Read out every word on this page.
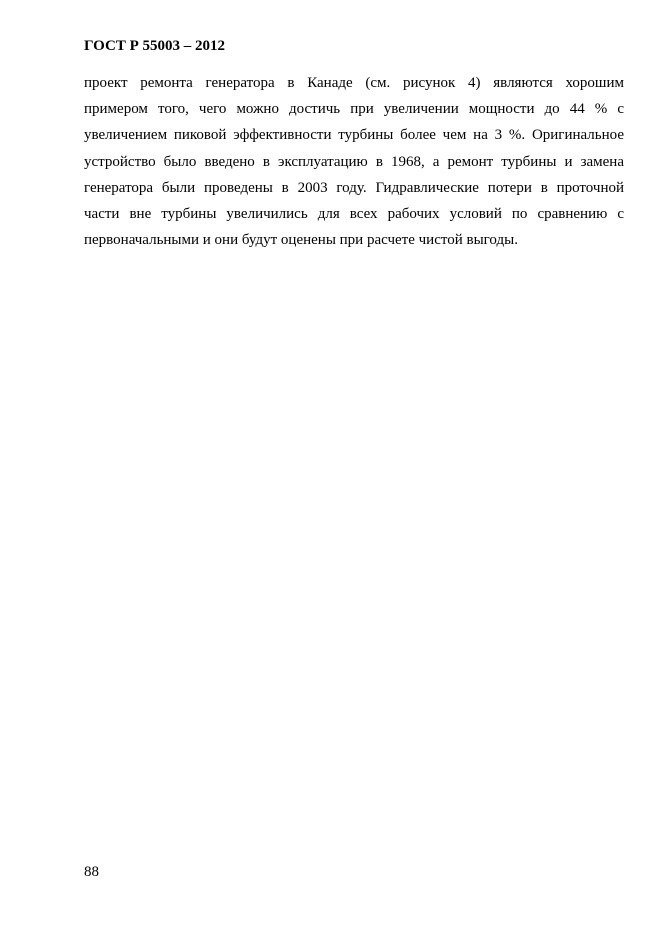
ГОСТ Р 55003 – 2012
проект ремонта генератора в Канаде (см. рисунок 4) являются хорошим
примером того, чего можно достичь при увеличении мощности до 44 % с
увеличением пиковой эффективности турбины более чем на 3 %. Оригинальное
устройство было введено в эксплуатацию в 1968, а ремонт турбины и замена
генератора были проведены в 2003 году. Гидравлические потери в проточной
части вне турбины увеличились для всех рабочих условий по сравнению с
первоначальными и они будут оценены при расчете чистой выгоды.
88
